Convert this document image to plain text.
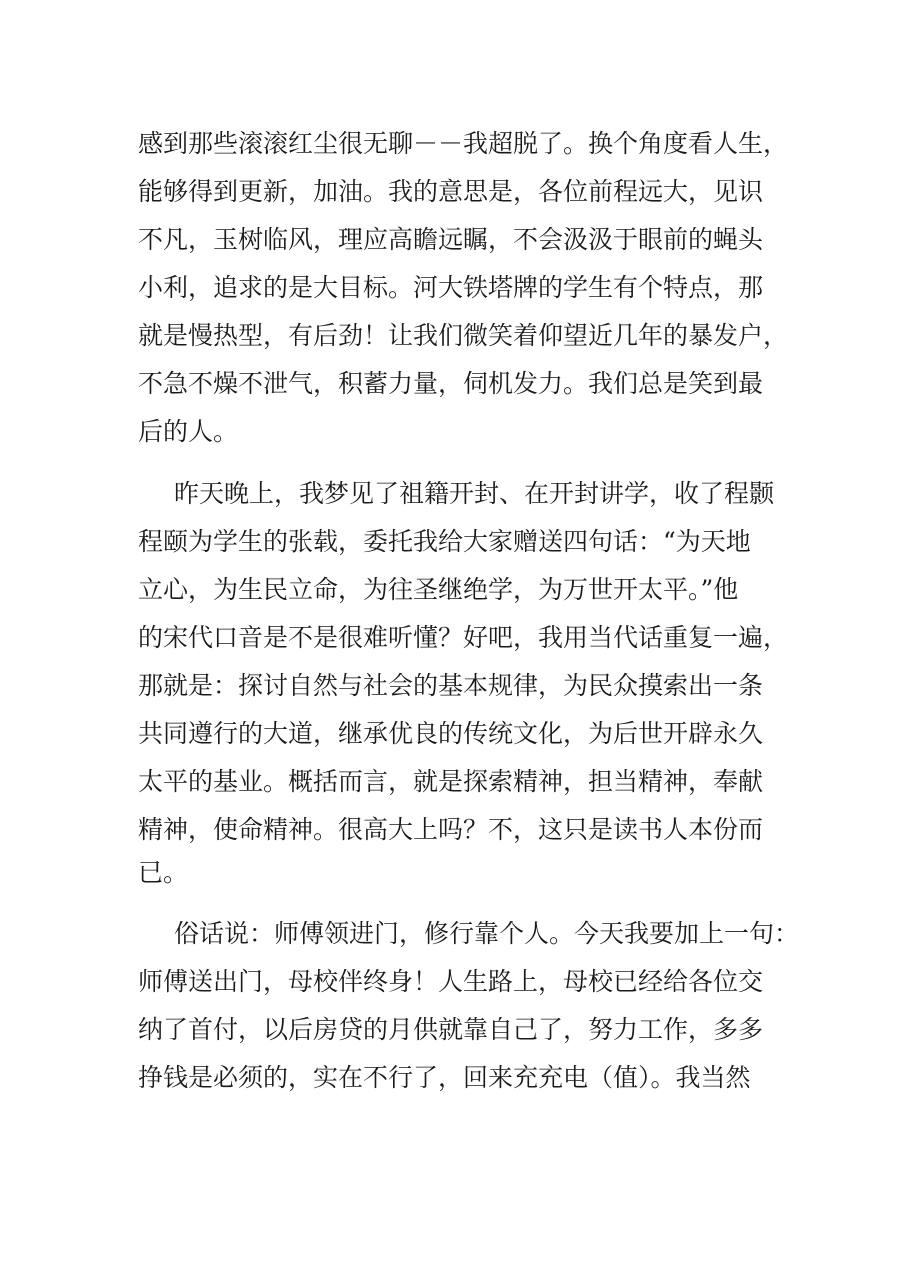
感到那些滚滚红尘很无聊－－我超脱了。换个角度看人生，
能够得到更新，加油。我的意思是，各位前程远大，见识
不凡，玉树临风，理应高瞻远瞩，不会汲汲于眼前的蝇头
小利，追求的是大目标。河大铁塔牌的学生有个特点，那
就是慢热型，有后劲！让我们微笑着仰望近几年的暴发户，
不急不燥不泄气，积蓄力量，伺机发力。我们总是笑到最
后的人。
昨天晚上，我梦见了祖籍开封、在开封讲学，收了程颢
程颐为学生的张载，委托我给大家赠送四句话：“为天地
立心，为生民立命，为往圣继绝学，为万世开太平。”他
的宋代口音是不是很难听懂？好吧，我用当代话重复一遍，
那就是：探讨自然与社会的基本规律，为民众摸索出一条
共同遵行的大道，继承优良的传统文化，为后世开辟永久
太平的基业。概括而言，就是探索精神，担当精神，奉献
精神，使命精神。很高大上吗？不，这只是读书人本份而
已。
俗话说：师傅领进门，修行靠个人。今天我要加上一句：
师傅送出门，母校伴终身！人生路上，母校已经给各位交
纳了首付，以后房贷的月供就靠自己了，努力工作，多多
挣钱是必须的，实在不行了，回来充充电（值）。我当然
